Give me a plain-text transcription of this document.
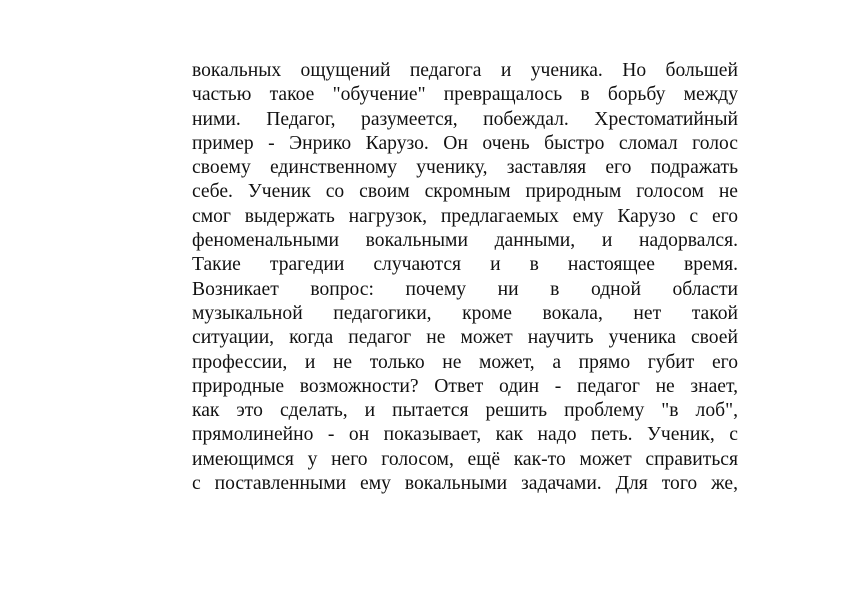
вокальных ощущений педагога и ученика. Но большей
частью такое "обучение" превращалось в борьбу между
ними. Педагог, разумеется, побеждал. Хрестоматийный
пример - Энрико Карузо. Он очень быстро сломал голос
своему единственному ученику, заставляя его подражать
себе. Ученик со своим скромным природным голосом не
смог выдержать нагрузок, предлагаемых ему Карузо с его
феноменальными вокальными данными, и надорвался.
Такие трагедии случаются и в настоящее время.
Возникает вопрос: почему ни в одной области
музыкальной педагогики, кроме вокала, нет такой
ситуации, когда педагог не может научить ученика своей
профессии, и не только не может, а прямо губит его
природные возможности? Ответ один - педагог не знает,
как это сделать, и пытается решить проблему "в лоб",
прямолинейно - он показывает, как надо петь. Ученик, с
имеющимся у него голосом, ещё как-то может справиться
с поставленными ему вокальными задачами. Для того же,
